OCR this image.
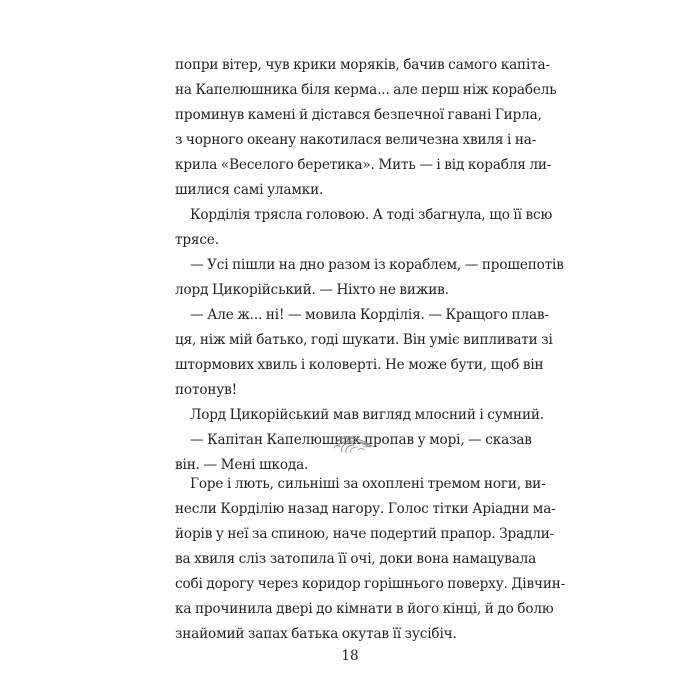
попри вітер, чув крики моряків, бачив самого капіта-
на Капелюшника біля керма... але перш ніж корабель
проминув камені й дістався безпечної гавані Гирла,
з чорного океану накотилася величезна хвиля і на-
крила «Веселого беретика». Мить — і від корабля ли-
шилися самі уламки.

Корділія трясла головою. А тоді збагнула, що її всю
трясе.

— Усі пішли на дно разом із кораблем, — прошепотів
лорд Цикорійський. — Ніхто не вижив.

— Але ж... ні! — мовила Корділія. — Кращого плав-
ця, ніж мій батько, годі шукати. Він уміє випливати зі
штормових хвиль і коловерті. Не може бути, щоб він
потонув!

Лорд Цикорійський мав вигляд млосний і сумний.

— Капітан Капелюшник пропав у морі, — сказав
він. — Мені шкода.

Горе і лють, сильніші за охоплені тремом ноги, ви-
несли Корділію назад нагору. Голос тітки Аріадни ма-
йорів у неї за спиною, наче подертий прапор. Зрадли-
ва хвиля сліз затопила її очі, доки вона намацувала
собі дорогу через коридор горішнього поверху. Дівчин-
ка прочинила двері до кімнати в його кінці, й до болю
знайомий запах батька окутав її зусібіч.

18
